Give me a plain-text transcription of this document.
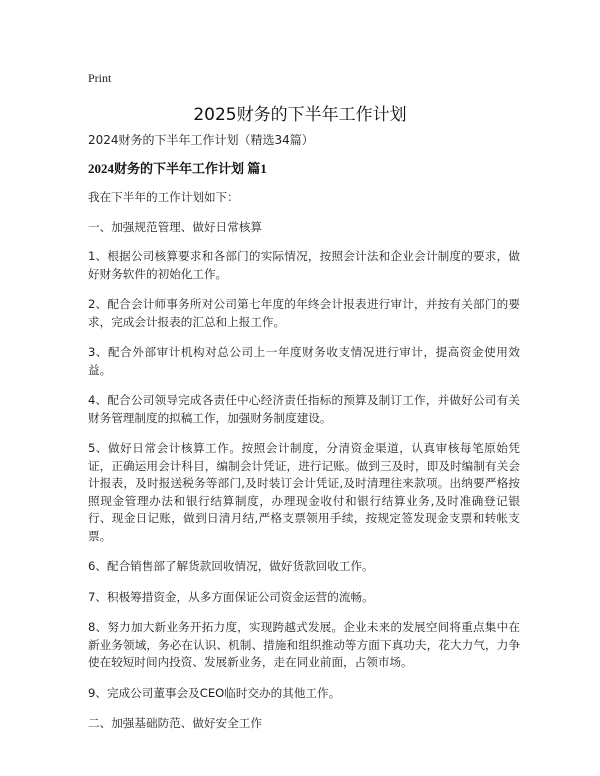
Print
2025财务的下半年工作计划

2024财务的下半年工作计划（精选34篇）

2024财务的下半年工作计划 篇1

我在下半年的工作计划如下：

一、加强规范管理、做好日常核算

1、根据公司核算要求和各部门的实际情况，按照会计法和企业会计制度的要求，做好财务软件的初始化工作。

2、配合会计师事务所对公司第七年度的年终会计报表进行审计，并按有关部门的要求，完成会计报表的汇总和上报工作。

3、配合外部审计机构对总公司上一年度财务收支情况进行审计，提高资金使用效益。

4、配合公司领导完成各责任中心经济责任指标的预算及制订工作，并做好公司有关财务管理制度的拟稿工作，加强财务制度建设。

5、做好日常会计核算工作。按照会计制度，分清资金渠道，认真审核每笔原始凭证，正确运用会计科目，编制会计凭证，进行记账。做到三及时，即及时编制有关会计报表，及时报送税务等部门,及时装订会计凭证,及时清理往来款项。出纳要严格按照现金管理办法和银行结算制度，办理现金收付和银行结算业务,及时准确登记银行、现金日记账，做到日清月结,严格支票领用手续，按规定签发现金支票和转帐支票。

6、配合销售部了解货款回收情况，做好货款回收工作。

7、积极筹措资金，从多方面保证公司资金运营的流畅。

8、努力加大新业务开拓力度，实现跨越式发展。企业未来的发展空间将重点集中在新业务领域，务必在认识、机制、措施和组织推动等方面下真功夫，花大力气，力争使在较短时间内投资、发展新业务，走在同业前面，占领市场。

9、完成公司董事会及CEO临时交办的其他工作。

二、加强基础防范、做好安全工作
